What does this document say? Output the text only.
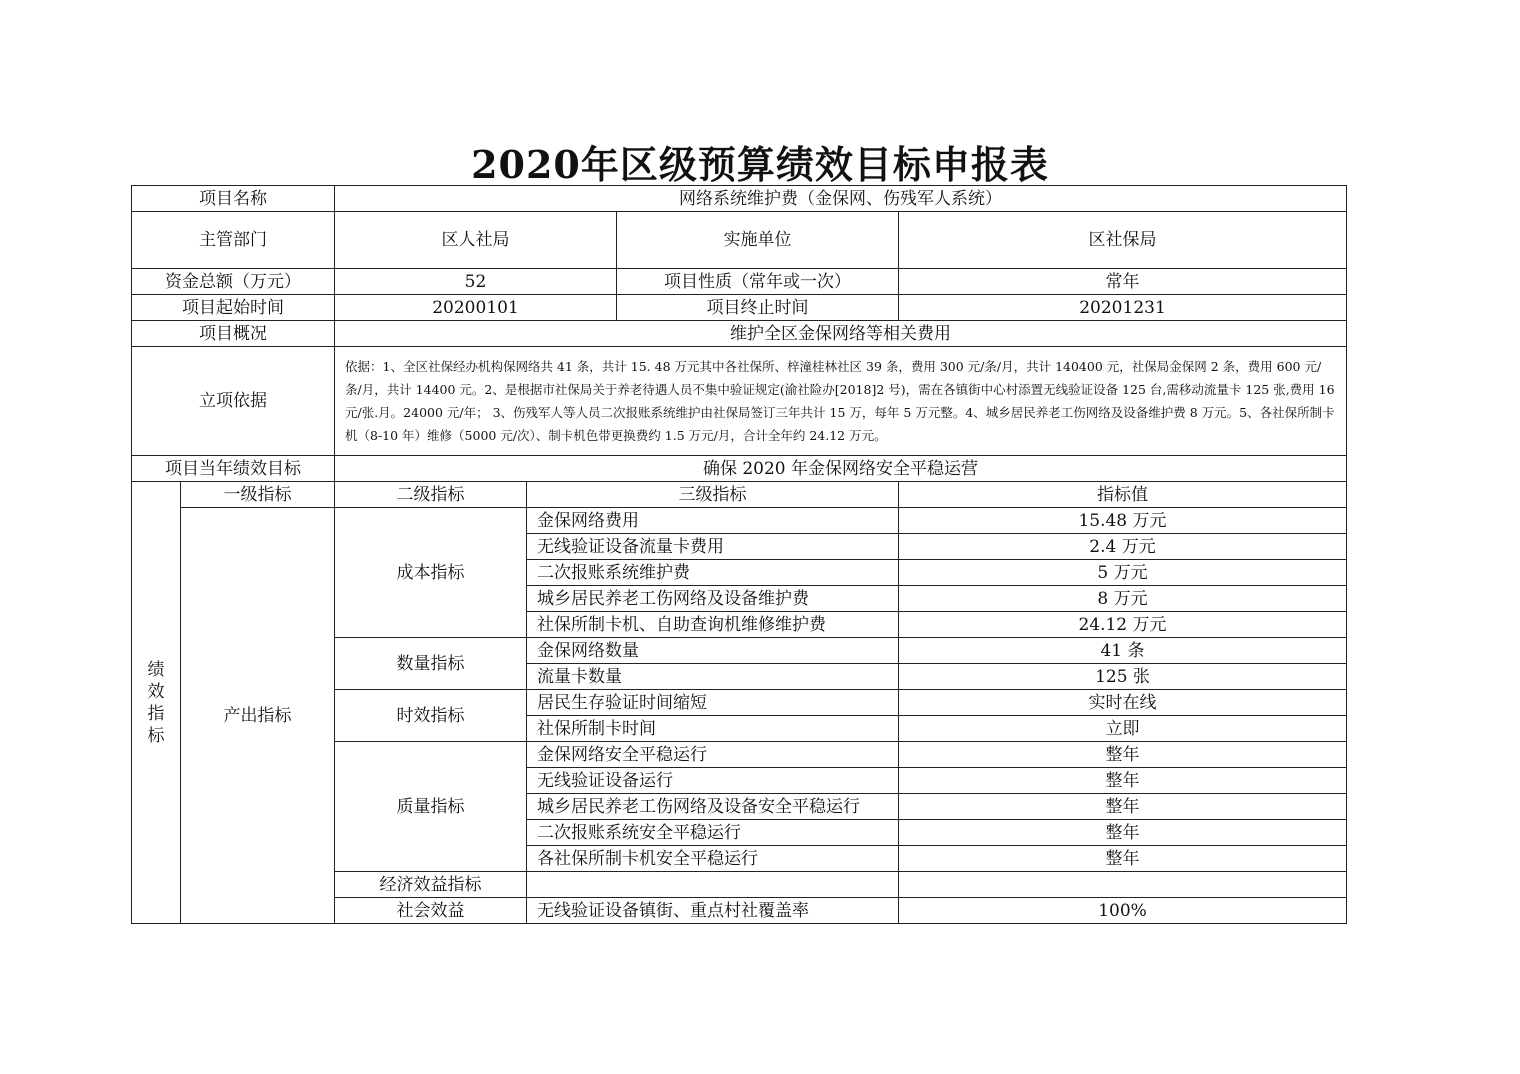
2020年区级预算绩效目标申报表
项目名称		网络系统维护费（金保网、伤残军人系统）			
主管部门		区人社局		实施单位	区社保局
资金总额（万元）		52		项目性质（常年或一次）	常年
项目起始时间		20200101		项目终止时间	20201231
项目概况		维护全区金保网络等相关费用			
立项依据		依据：1、全区社保经办机构保网络共 41 条，共计 15. 48 万元其中各社保所、梓潼桂林社区 39 条，费用 300 元/条/月，共计 140400 元，社保局金保网 2 条，费用 600 元/条/月，共计 14400 元。2、是根据市社保局关于养老待遇人员不集中验证规定(渝社险办[2018]2 号)，需在各镇街中心村添置无线验证设备 125 台,需移动流量卡 125 张,费用 16 元/张.月。24000 元/年； 3、伤残军人等人员二次报账系统维护由社保局签订三年共计 15 万，每年 5 万元整。4、城乡居民养老工伤网络及设备维护费 8 万元。5、各社保所制卡机（8-10 年）维修（5000 元/次）、制卡机色带更换费约 1.5 万元/月，合计全年约 24.12 万元。			
项目当年绩效目标		确保 2020 年金保网络安全平稳运营			

绩
效
指
标	一级指标	二级指标	三级指标		指标值
	产出指标	成本指标	金保网络费用		15.48 万元
			无线验证设备流量卡费用		2.4 万元
			二次报账系统维护费		5 万元
			城乡居民养老工伤网络及设备维护费		8 万元
			社保所制卡机、自助查询机维修维护费		24.12 万元
		数量指标	金保网络数量		41 条
			流量卡数量		125 张
		时效指标	居民生存验证时间缩短		实时在线
			社保所制卡时间		立即
		质量指标	金保网络安全平稳运行		整年
			无线验证设备运行		整年
			城乡居民养老工伤网络及设备安全平稳运行		整年
			二次报账系统安全平稳运行		整年
			各社保所制卡机安全平稳运行		整年
		经济效益指标			
		社会效益	无线验证设备镇街、重点村社覆盖率		100%
